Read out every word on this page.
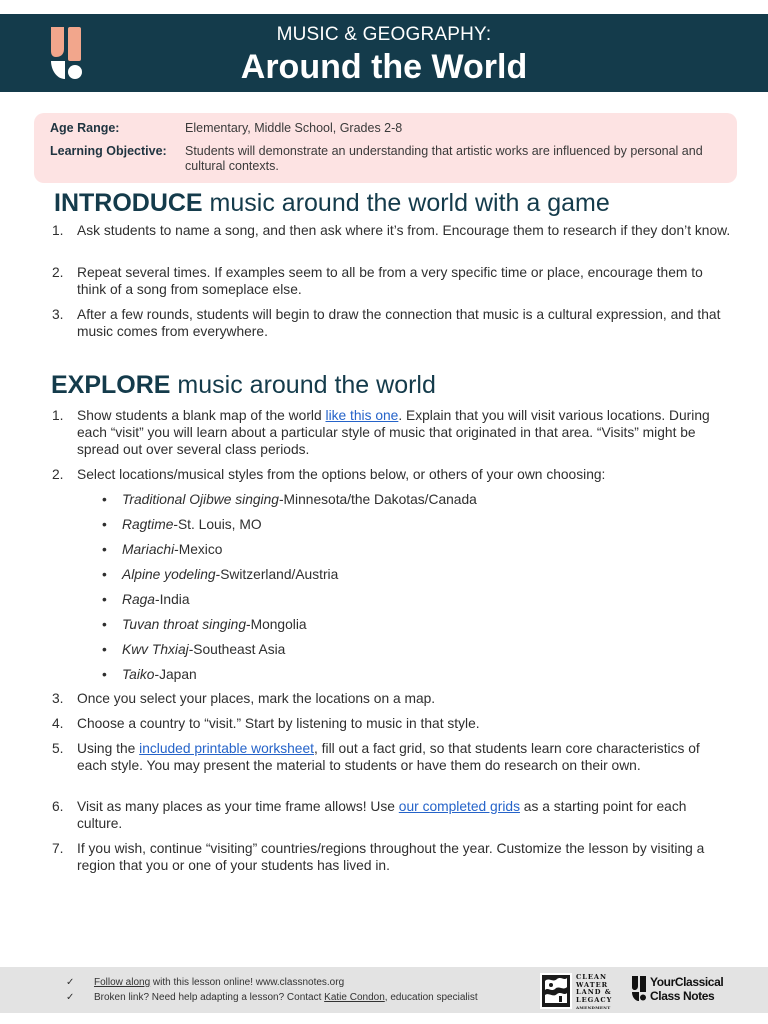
MUSIC & GEOGRAPHY:
Around the World
Age Range:	Elementary, Middle School, Grades 2-8
Learning Objective: Students will demonstrate an understanding that artistic works are influenced by personal and cultural contexts.
INTRODUCE music around the world with a game
1. Ask students to name a song, and then ask where it’s from. Encourage them to research if they don’t know.
2. Repeat several times. If examples seem to all be from a very specific time or place, encourage them to think of a song from someplace else.
3. After a few rounds, students will begin to draw the connection that music is a cultural expression, and that music comes from everywhere.
EXPLORE music around the world
1. Show students a blank map of the world like this one. Explain that you will visit various locations. During each “visit” you will learn about a particular style of music that originated in that area. “Visits” might be spread out over several class periods.
2. Select locations/musical styles from the options below, or others of your own choosing:
• Traditional Ojibwe singing-Minnesota/the Dakotas/Canada
• Ragtime-St. Louis, MO
• Mariachi-Mexico
• Alpine yodeling-Switzerland/Austria
• Raga-India
• Tuvan throat singing-Mongolia
• Kwv Thxiaj-Southeast Asia
• Taiko-Japan
3. Once you select your places, mark the locations on a map.
4. Choose a country to “visit.” Start by listening to music in that style.
5. Using the included printable worksheet, fill out a fact grid, so that students learn core characteristics of each style. You may present the material to students or have them do research on their own.
6. Visit as many places as your time frame allows! Use our completed grids as a starting point for each culture.
7. If you wish, continue “visiting” countries/regions throughout the year. Customize the lesson by visiting a region that you or one of your students has lived in.
✓ Follow along with this lesson online! www.classnotes.org
✓ Broken link? Need help adapting a lesson? Contact Katie Condon, education specialist
CLEAN
WATER
LAND &
LEGACY
AMENDMENT
YourClassical
Class Notes
